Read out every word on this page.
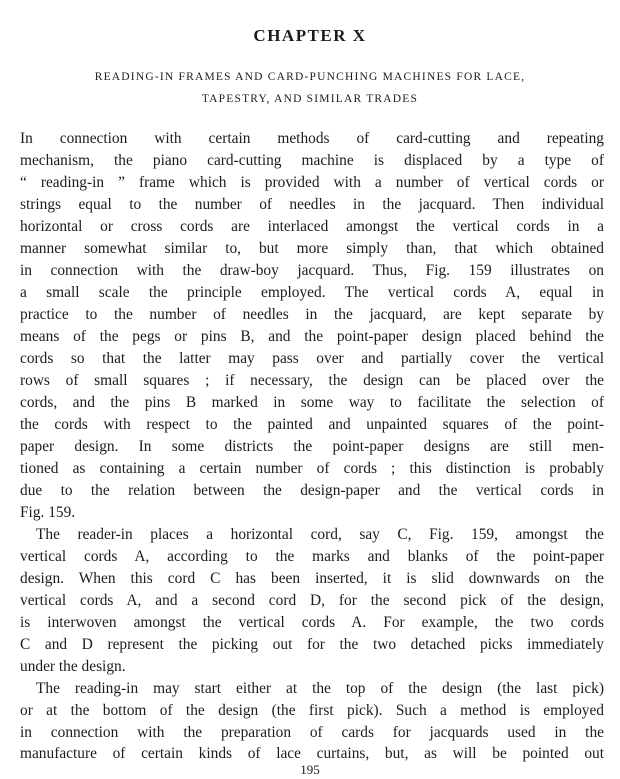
CHAPTER X

READING-IN FRAMES AND CARD-PUNCHING MACHINES FOR LACE,

TAPESTRY, AND SIMILAR TRADES

In connection with certain methods of card-cutting and repeating

mechanism, the piano card-cutting machine is displaced by a type of

“ reading-in ” frame which is provided with a number of vertical cords or

strings equal to the number of needles in the jacquard. Then individual

horizontal or cross cords are interlaced amongst the vertical cords in a

manner somewhat similar to, but more simply than, that which obtained

in connection with the draw-boy jacquard. Thus, Fig. 159 illustrates on

a small scale the principle employed. The vertical cords A, equal in

practice to the number of needles in the jacquard, are kept separate by

means of the pegs or pins B, and the point-paper design placed behind the

cords so that the latter may pass over and partially cover the vertical

rows of small squares ; if necessary, the design can be placed over the

cords, and the pins B marked in some way to facilitate the selection of

the cords with respect to the painted and unpainted squares of the point-

paper design. In some districts the point-paper designs are still men-

tioned as containing a certain number of cords ; this distinction is probably

due to the relation between the design-paper and the vertical cords in

Fig. 159.

The reader-in places a horizontal cord, say C, Fig. 159, amongst the

vertical cords A, according to the marks and blanks of the point-paper

design. When this cord C has been inserted, it is slid downwards on the

vertical cords A, and a second cord D, for the second pick of the design,

is interwoven amongst the vertical cords A. For example, the two cords

C and D represent the picking out for the two detached picks immediately

under the design.

The reading-in may start either at the top of the design (the last pick)

or at the bottom of the design (the first pick). Such a method is employed

in connection with the preparation of cards for jacquards used in the

manufacture of certain kinds of lace curtains, but, as will be pointed out

195
